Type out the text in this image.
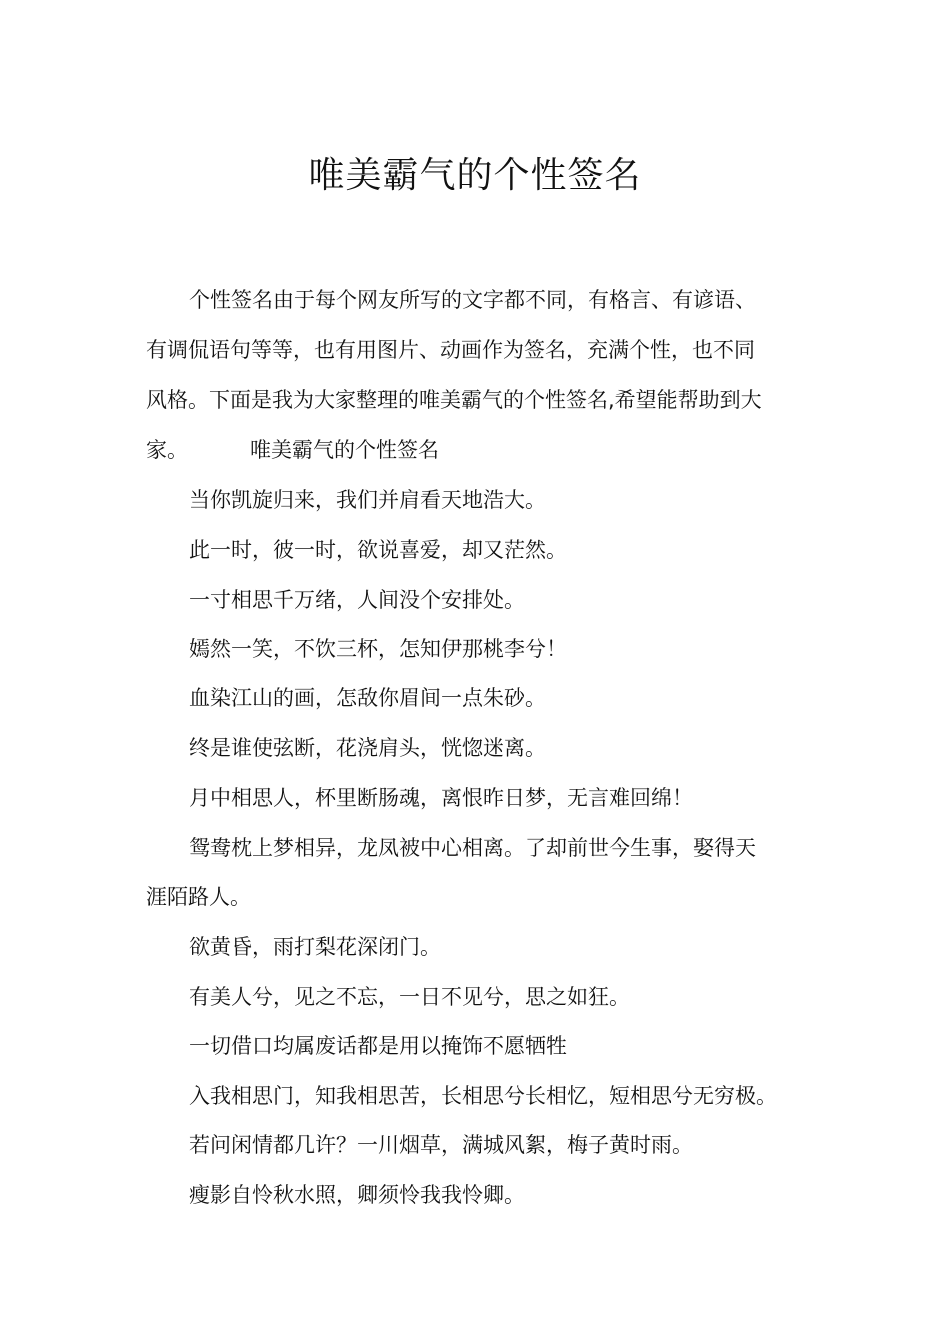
唯美霸气的个性签名

个性签名由于每个网友所写的文字都不同，有格言、有谚语、

有调侃语句等等，也有用图片、动画作为签名，充满个性，也不同

风格。下面是我为大家整理的唯美霸气的个性签名,希望能帮助到大

家。	唯美霸气的个性签名

当你凯旋归来，我们并肩看天地浩大。

此一时，彼一时，欲说喜爱，却又茫然。

一寸相思千万绪，人间没个安排处。

嫣然一笑，不饮三杯，怎知伊那桃李兮！

血染江山的画，怎敌你眉间一点朱砂。

终是谁使弦断，花浇肩头，恍惚迷离。

月中相思人，杯里断肠魂，离恨昨日梦，无言难回绵！

鸳鸯枕上梦相异，龙凤被中心相离。了却前世今生事，娶得天

涯陌路人。

欲黄昏，雨打梨花深闭门。

有美人兮，见之不忘，一日不见兮，思之如狂。

一切借口均属废话都是用以掩饰不愿牺牲

入我相思门，知我相思苦，长相思兮长相忆，短相思兮无穷极。

若问闲情都几许？一川烟草，满城风絮，梅子黄时雨。

瘦影自怜秋水照，卿须怜我我怜卿。
